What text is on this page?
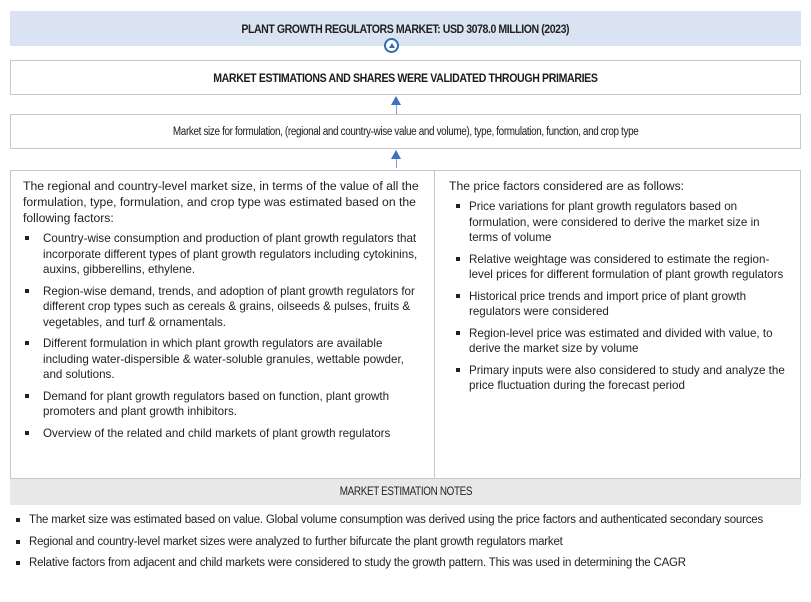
PLANT GROWTH REGULATORS MARKET: USD 3078.0 MILLION (2023)
MARKET ESTIMATIONS AND SHARES WERE VALIDATED THROUGH PRIMARIES
Market size for formulation, (regional and country-wise value and volume), type, formulation, function, and crop type

The regional and country-level market size, in terms of the value of all the formulation, type, formulation, and crop type was estimated based on the following factors:

Country-wise consumption and production of plant growth regulators that incorporate different types of plant growth regulators including cytokinins, auxins, gibberellins, ethylene.
Region-wise demand, trends, and adoption of plant growth regulators for different crop types such as cereals & grains, oilseeds & pulses, fruits & vegetables, and turf & ornamentals.
Different formulation in which plant growth regulators are available including water-dispersible & water-soluble granules, wettable powder, and solutions.
Demand for plant growth regulators based on function, plant growth promoters and plant growth inhibitors.
Overview of the related and child markets of plant growth regulators

The price factors considered are as follows:

Price variations for plant growth regulators based on formulation, were considered to derive the market size in terms of volume
Relative weightage was considered to estimate the region-level prices for different formulation of plant growth regulators
Historical price trends and import price of plant growth regulators were considered
Region-level price was estimated and divided with value, to derive the market size by volume
Primary inputs were also considered to study and analyze the price fluctuation during the forecast period
MARKET ESTIMATION NOTES
The market size was estimated based on value. Global volume consumption was derived using the price factors and authenticated secondary sources
Regional and country-level market sizes were analyzed to further bifurcate the plant growth regulators market
Relative factors from adjacent and child markets were considered to study the growth pattern. This was used in determining the CAGR
